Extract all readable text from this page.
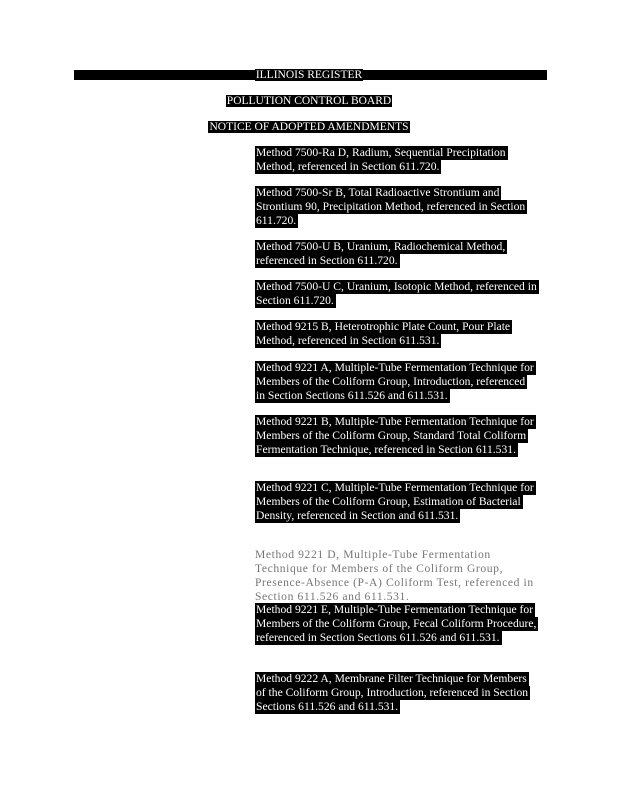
ILLINOIS REGISTER
POLLUTION CONTROL BOARD
NOTICE OF ADOPTED AMENDMENTS
Method 7500-Ra D, Radium, Sequential Precipitation Method, referenced in Section 611.720.
Method 7500-Sr B, Total Radioactive Strontium and Strontium 90, Precipitation Method, referenced in Section 611.720.
Method 7500-U B, Uranium, Radiochemical Method, referenced in Section 611.720.
Method 7500-U C, Uranium, Isotopic Method, referenced in Section 611.720.
Method 9215 B, Heterotrophic Plate Count, Pour Plate Method, referenced in Section 611.531.
Method 9221 A, Multiple-Tube Fermentation Technique for Members of the Coliform Group, Introduction, referenced in Section Sections 611.526 and 611.531.
Method 9221 B, Multiple-Tube Fermentation Technique for Members of the Coliform Group, Standard Total Coliform Fermentation Technique, referenced in Section 611.531.
Method 9221 C, Multiple-Tube Fermentation Technique for Members of the Coliform Group, Estimation of Bacterial Density, referenced in Section and 611.531.
Method 9221 D, Multiple-Tube Fermentation Technique for Members of the Coliform Group, Presence-Absence (P-A) Coliform Test, referenced in Section 611.526 and 611.531.
Method 9221 E, Multiple-Tube Fermentation Technique for Members of the Coliform Group, Fecal Coliform Procedure, referenced in Section Sections 611.526 and 611.531.
Method 9222 A, Membrane Filter Technique for Members of the Coliform Group, Introduction, referenced in Section Sections 611.526 and 611.531.
